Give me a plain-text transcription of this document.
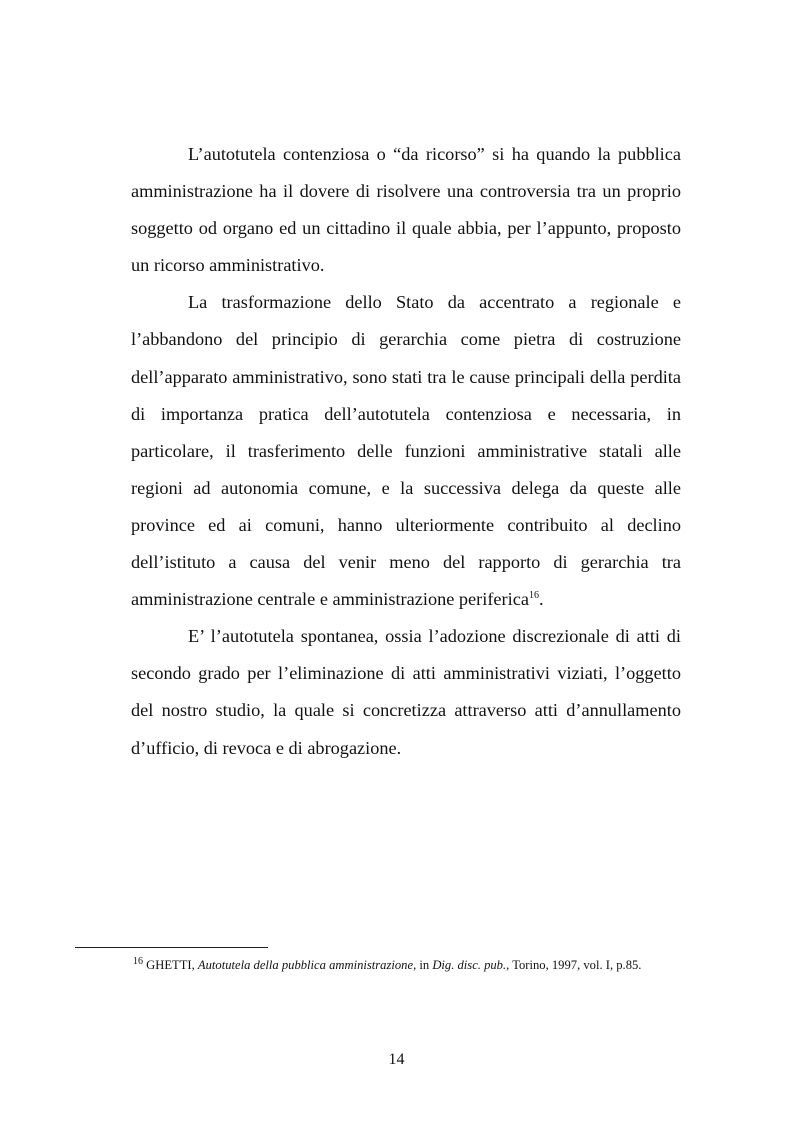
L’autotutela contenziosa o “da ricorso” si ha quando la pubblica amministrazione ha il dovere di risolvere una controversia tra un proprio soggetto od organo ed un cittadino il quale abbia, per l’appunto, proposto un ricorso amministrativo.

La trasformazione dello Stato da accentrato a regionale e l’abbandono del principio di gerarchia come pietra di costruzione dell’apparato amministrativo, sono stati tra le cause principali della perdita di importanza pratica dell’autotutela contenziosa e necessaria, in particolare, il trasferimento delle funzioni amministrative statali alle regioni ad autonomia comune, e la successiva delega da queste alle province ed ai comuni, hanno ulteriormente contribuito al declino dell’istituto a causa del venir meno del rapporto di gerarchia tra amministrazione centrale e amministrazione periferica$^{16}$.

E’ l’autotutela spontanea, ossia l’adozione discrezionale di atti di secondo grado per l’eliminazione di atti amministrativi viziati, l’oggetto del nostro studio, la quale si concretizza attraverso atti d’annullamento d’ufficio, di revoca e di abrogazione.

$^{16}$ GHETTI, Autotutela della pubblica amministrazione, in Dig. disc. pub., Torino, 1997, vol. I, p.85.
14
